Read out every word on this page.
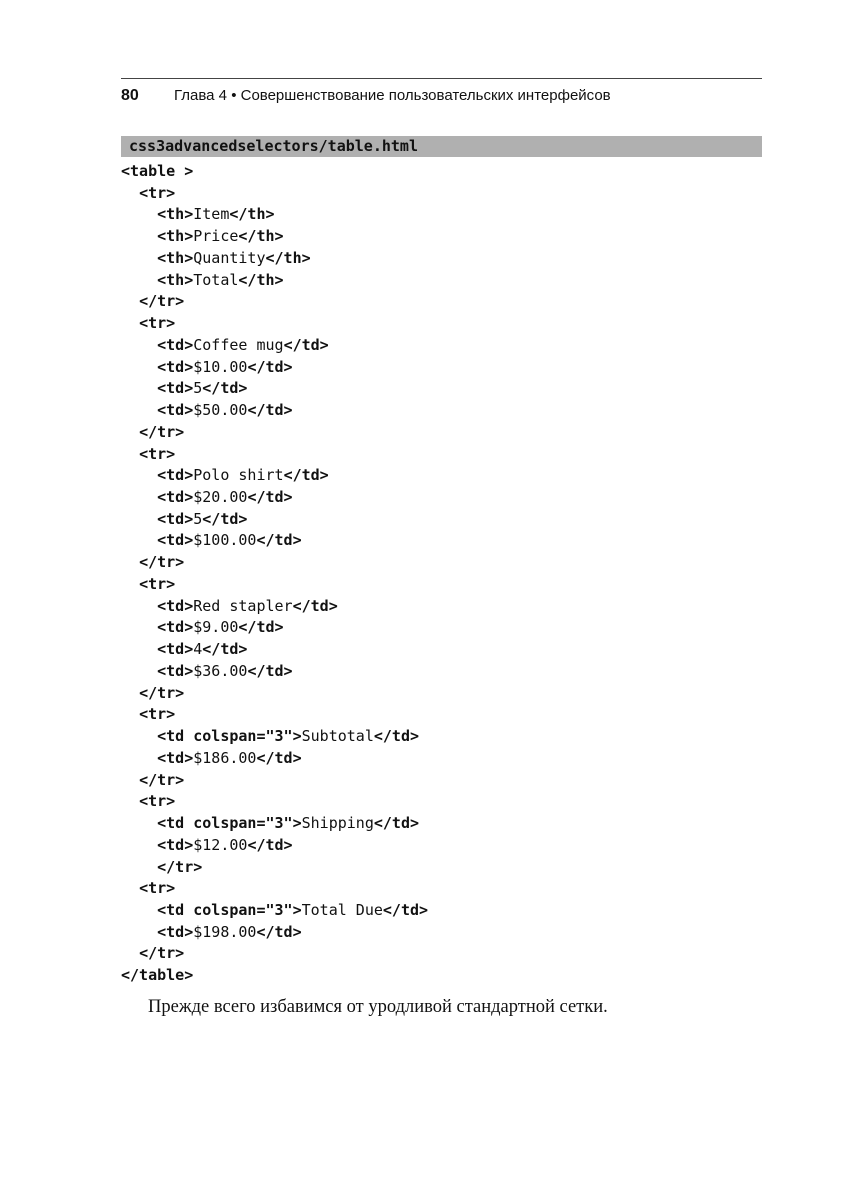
80 Глава 4 • Совершенствование пользовательских интерфейсов
css3advancedselectors/table.html
<table >
<tr>
<th>Item</th>
<th>Price</th>
<th>Quantity</th>
<th>Total</th>
</tr>
<tr>
<td>Coffee mug</td>
<td>$10.00</td>
<td>5</td>
<td>$50.00</td>
</tr>
<tr>
<td>Polo shirt</td>
<td>$20.00</td>
<td>5</td>
<td>$100.00</td>
</tr>
<tr>
<td>Red stapler</td>
<td>$9.00</td>
<td>4</td>
<td>$36.00</td>
</tr>
<tr>
<td colspan="3">Subtotal</td>
<td>$186.00</td>
</tr>
<tr>
<td colspan="3">Shipping</td>
<td>$12.00</td>
</tr>
<tr>
<td colspan="3">Total Due</td>
<td>$198.00</td>
</tr>
</table>
Прежде всего избавимся от уродливой стандартной сетки.
